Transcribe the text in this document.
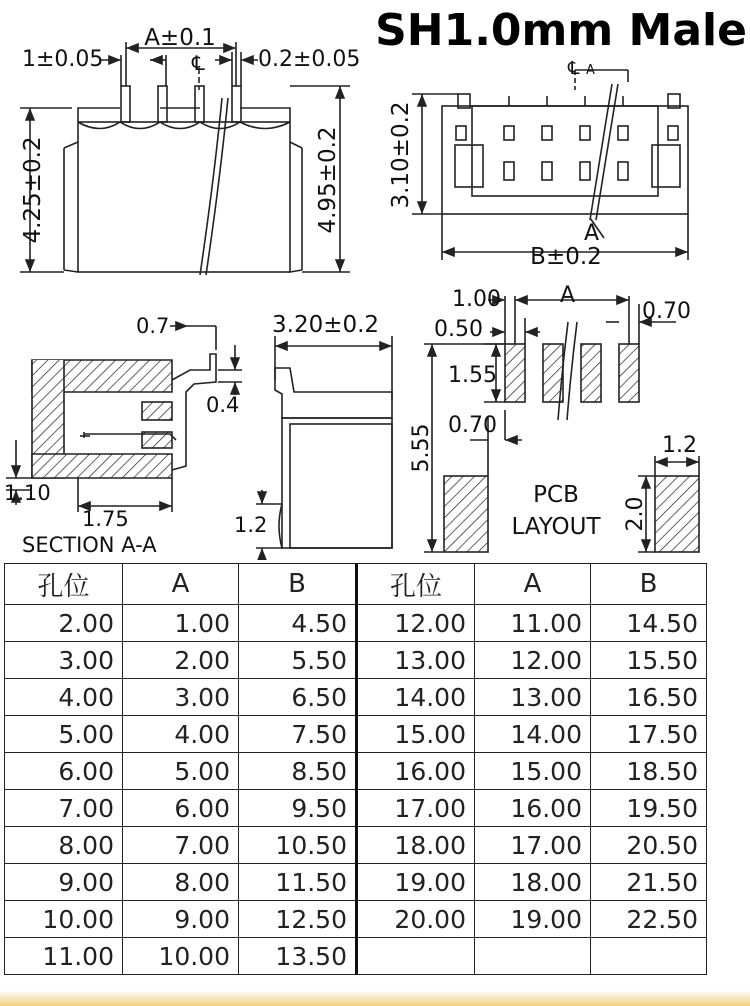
SH1.0mm Male
A±0.1
1±0.05	℄ 0.2±0.05
4.25±0.2	4.95±0.2
℄ A
3.10±0.2
A
B±0.2
0.7
0.4
1.10
1.75
SECTION A-A
3.20±0.2
1.2
1.00	A
0.70
0.50
1.55
0.70
5.55	1.2
2.0
PCB
LAYOUT
孔位	A	B	孔位	A	B
2.00	1.00	4.50	12.00	11.00	14.50
3.00	2.00	5.50	13.00	12.00	15.50
4.00	3.00	6.50	14.00	13.00	16.50
5.00	4.00	7.50	15.00	14.00	17.50
6.00	5.00	8.50	16.00	15.00	18.50
7.00	6.00	9.50	17.00	16.00	19.50
8.00	7.00	10.50	18.00	17.00	20.50
9.00	8.00	11.50	19.00	18.00	21.50
10.00	9.00	12.50	20.00	19.00	22.50
11.00	10.00	13.50			
